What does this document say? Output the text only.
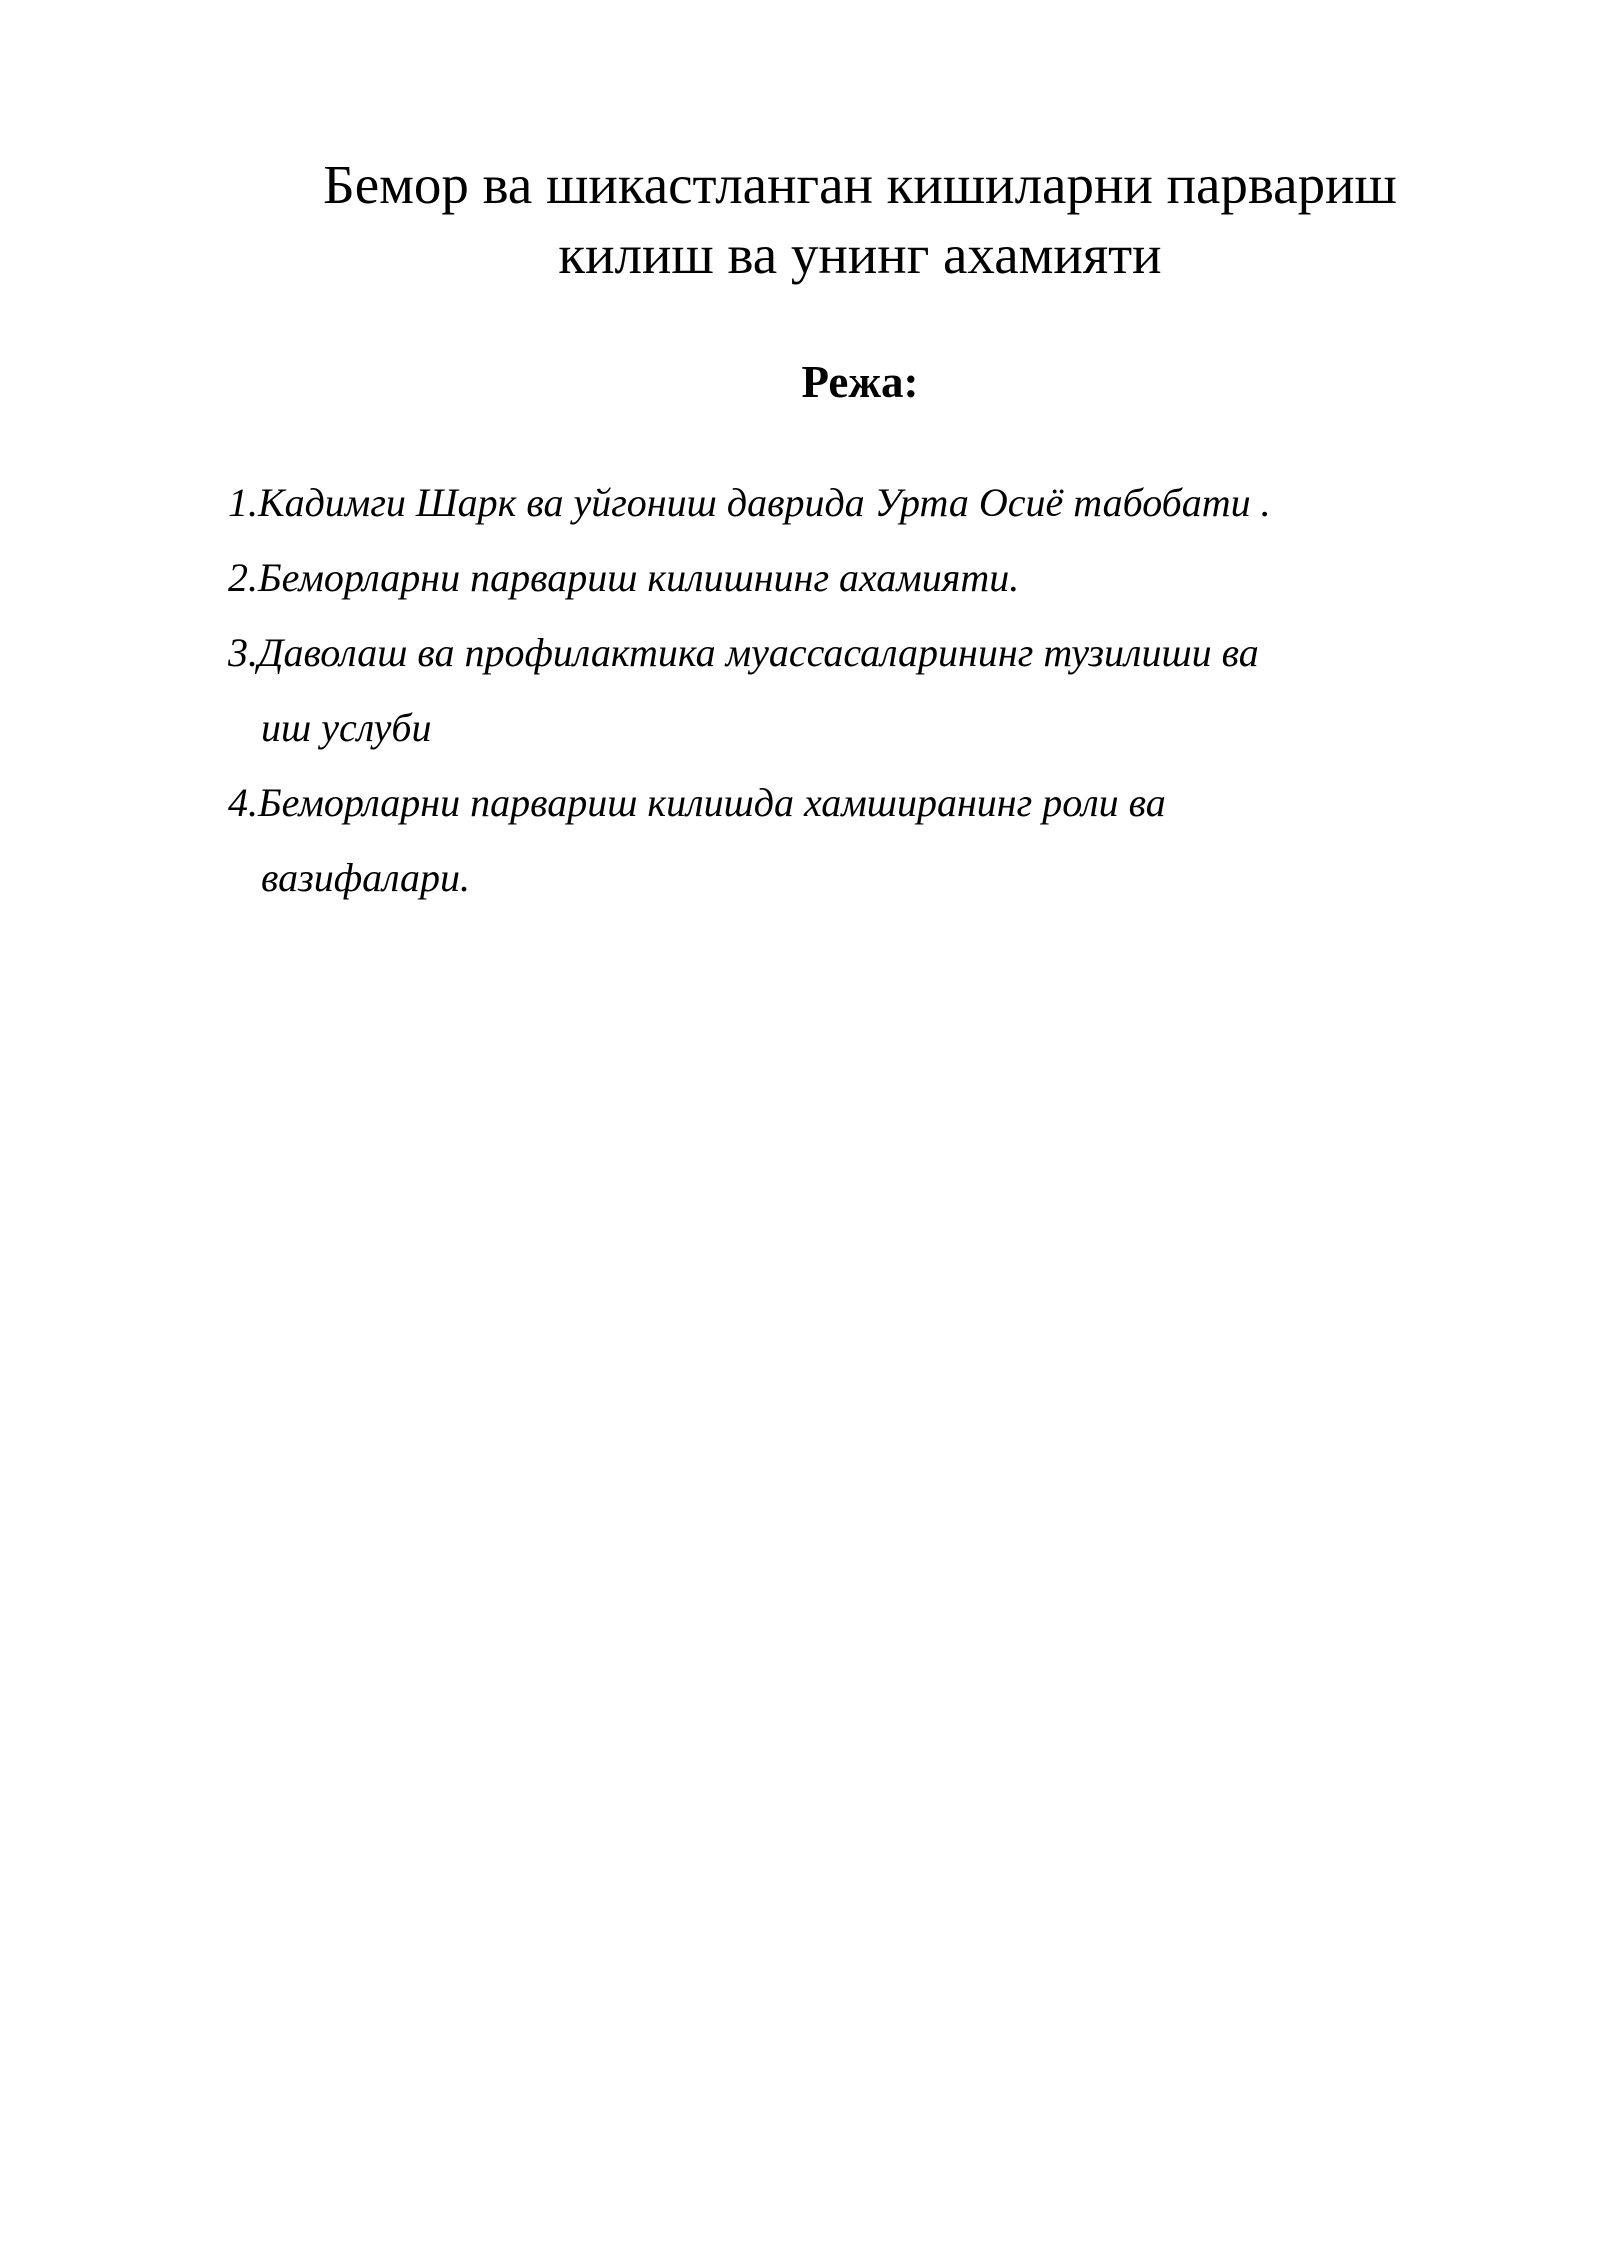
Бемор ва шикастланган кишиларни парвариш
килиш ва унинг ахамияти
Режа:
1.Кадимги Шарк ва уйгониш даврида Урта Осиё табобати .
2.Беморларни парвариш килишнинг ахамияти.
3.Даволаш ва профилактика муассасаларининг тузилиши ва
иш услуби
4.Беморларни парвариш килишда хамширанинг роли ва
вазифалари.
